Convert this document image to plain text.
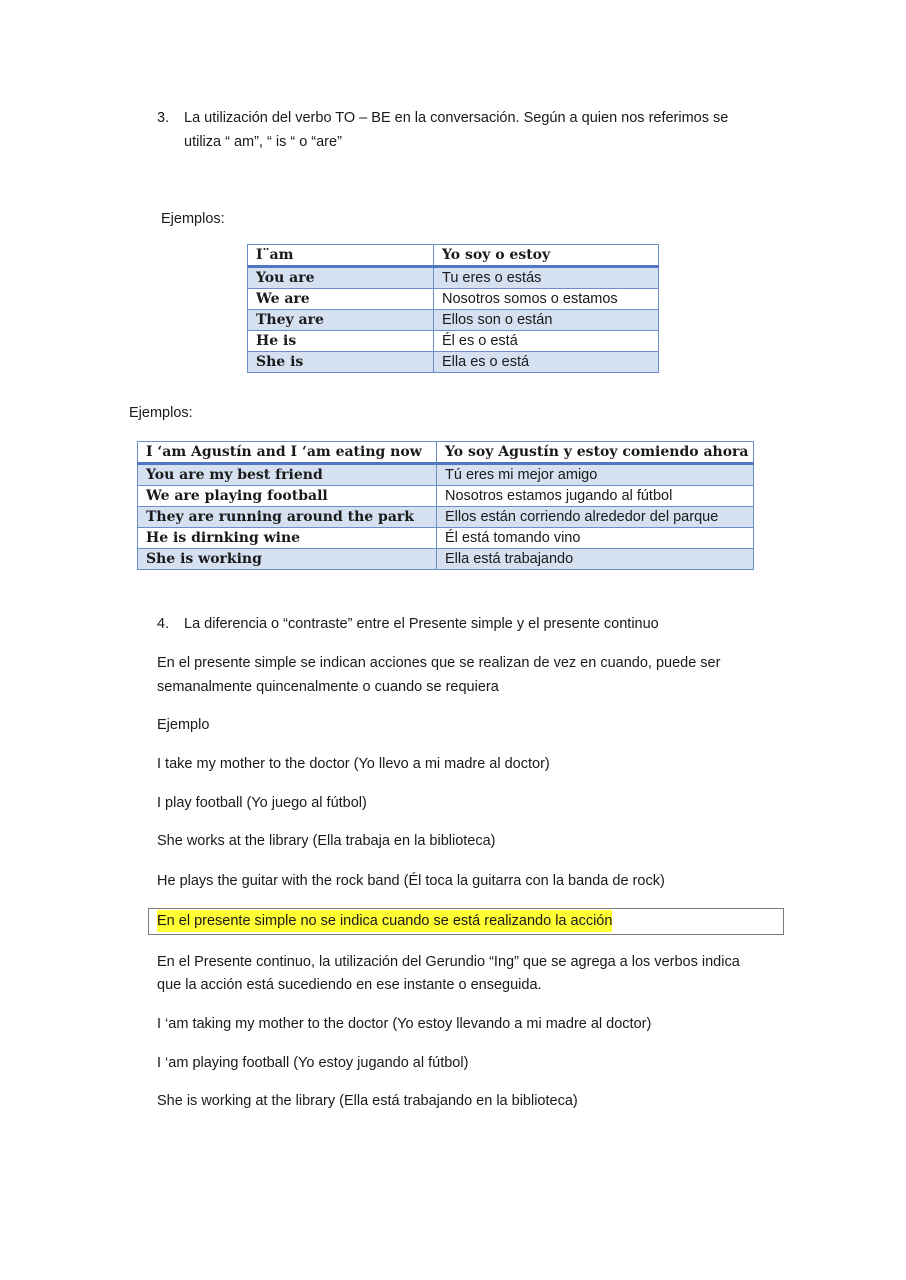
3. La utilización del verbo TO – BE en la conversación. Según a quien nos referimos se
utiliza “ am”, “ is “ o “are”
Ejemplos:
I¨am	Yo soy o estoy
You are	Tu eres o estás
We are	Nosotros somos o estamos
They are	Ellos son o están
He is	Él es o está
She is	Ella es o está
Ejemplos:
I ‘am Agustín and I ‘am eating now	Yo soy Agustín y estoy comiendo ahora
You are my best friend	Tú eres mi mejor amigo
We are playing football	Nosotros estamos jugando al fútbol
They are running around the park	Ellos están corriendo alrededor del parque
He is dirnking wine	Él está tomando vino
She is working	Ella está trabajando
4. La diferencia o “contraste” entre el Presente simple y el presente continuo
En el presente simple se indican acciones que se realizan de vez en cuando, puede ser
semanalmente quincenalmente o cuando se requiera
Ejemplo
I take my mother to the doctor (Yo llevo a mi madre al doctor)
I play football (Yo juego al fútbol)
She works at the library (Ella trabaja en la biblioteca)
He plays the guitar with the rock band (Él toca la guitarra con la banda de rock)
En el presente simple no se indica cuando se está realizando la acción
En el Presente continuo, la utilización del Gerundio “Ing” que se agrega a los verbos indica
que la acción está sucediendo en ese instante o enseguida.
I ‘am taking my mother to the doctor (Yo estoy llevando a mi madre al doctor)
I ‘am playing football (Yo estoy jugando al fútbol)
She is working at the library (Ella está trabajando en la biblioteca)
